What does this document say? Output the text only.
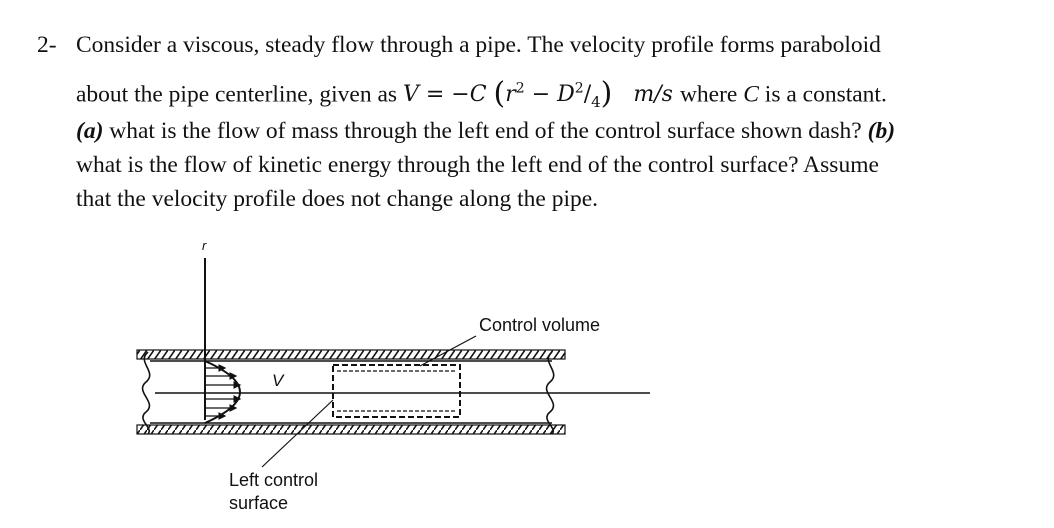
2- Consider a viscous, steady flow through a pipe. The velocity profile forms paraboloid
about the pipe centerline, given as V = −C $(r^2 - D^2/_4)$ m/s where C is a constant.
(a) what is the flow of mass through the left end of the control surface shown dash? (b)
what is the flow of kinetic energy through the left end of the control surface? Assume
that the velocity profile does not change along the pipe.
r
V
Control volume
Left control
surface
